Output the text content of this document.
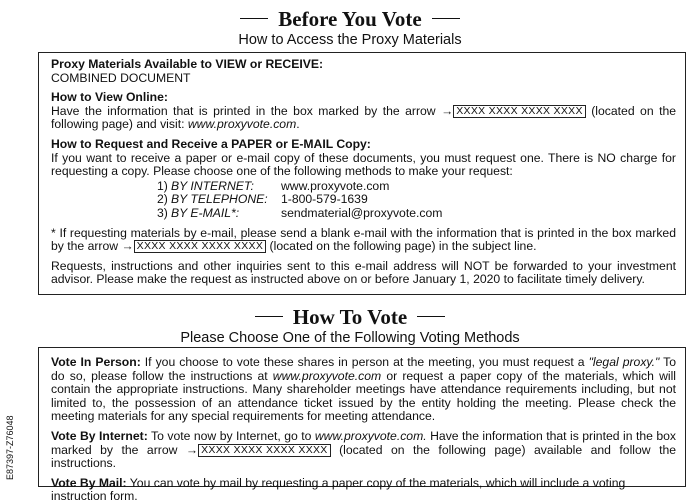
Before You Vote
How to Access the Proxy Materials

Proxy Materials Available to VIEW or RECEIVE:

COMBINED DOCUMENT

How to View Online:

Have the information that is printed in the box marked by the arrow → XXXX XXXX XXXX XXXX (located on the following page) and visit: www.proxyvote.com.

How to Request and Receive a PAPER or E-MAIL Copy:

If you want to receive a paper or e-mail copy of these documents, you must request one. There is NO charge for requesting a copy. Please choose one of the following methods to make your request:

1) BY INTERNET:	www.proxyvote.com
2) BY TELEPHONE:	1-800-579-1639
3) BY E-MAIL*:	sendmaterial@proxyvote.com

* If requesting materials by e-mail, please send a blank e-mail with the information that is printed in the box marked by the arrow → XXXX XXXX XXXX XXXX (located on the following page) in the subject line.

Requests, instructions and other inquiries sent to this e-mail address will NOT be forwarded to your investment advisor. Please make the request as instructed above on or before January 1, 2020 to facilitate timely delivery.

How To Vote
Please Choose One of the Following Voting Methods

Vote In Person: If you choose to vote these shares in person at the meeting, you must request a "legal proxy." To do so, please follow the instructions at www.proxyvote.com or request a paper copy of the materials, which will contain the appropriate instructions. Many shareholder meetings have attendance requirements including, but not limited to, the possession of an attendance ticket issued by the entity holding the meeting. Please check the meeting materials for any special requirements for meeting attendance.

Vote By Internet: To vote now by Internet, go to www.proxyvote.com. Have the information that is printed in the box marked by the arrow → XXXX XXXX XXXX XXXX (located on the following page) available and follow the instructions.

Vote By Mail: You can vote by mail by requesting a paper copy of the materials, which will include a voting instruction form.

E87397-Z76048
